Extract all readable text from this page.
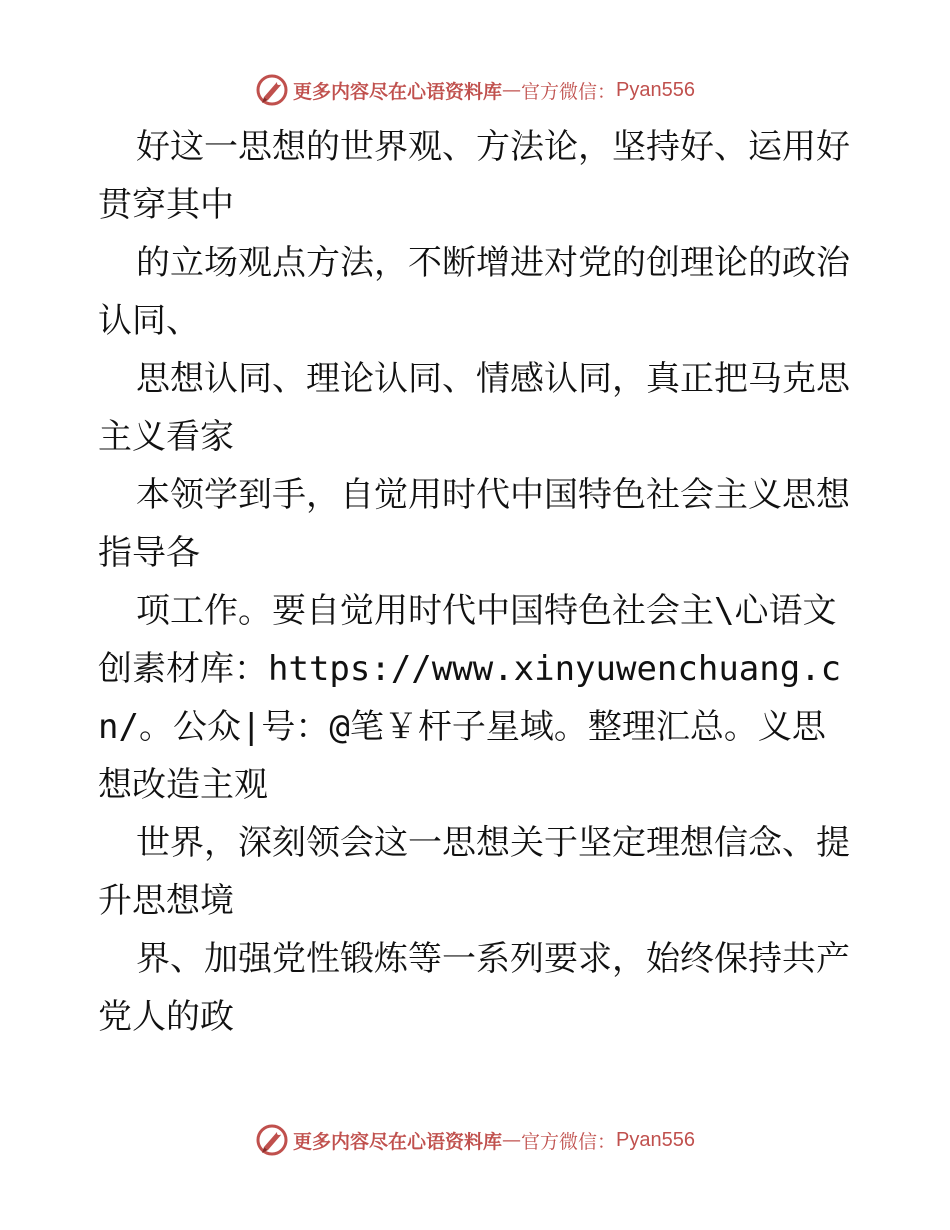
更多内容尽在心语资料库 — 官方微信： Pyan556

好这一思想的世界观、方法论，坚持好、运用好贯穿其中

的立场观点方法，不断增进对党的创理论的政治认同、

思想认同、理论认同、情感认同，真正把马克思主义看家

本领学到手，自觉用时代中国特色社会主义思想指导各

项工作。要自觉用时代中国特色社会主\心语文创素材库：https://www.xinyuwenchuang.cn/。公众|号：@笔￥杆子星域。整理汇总。义思想改造主观

世界，深刻领会这一思想关于坚定理想信念、提升思想境

界、加强党性锻炼等一系列要求，始终保持共产党人的政

更多内容尽在心语资料库 — 官方微信： Pyan556
